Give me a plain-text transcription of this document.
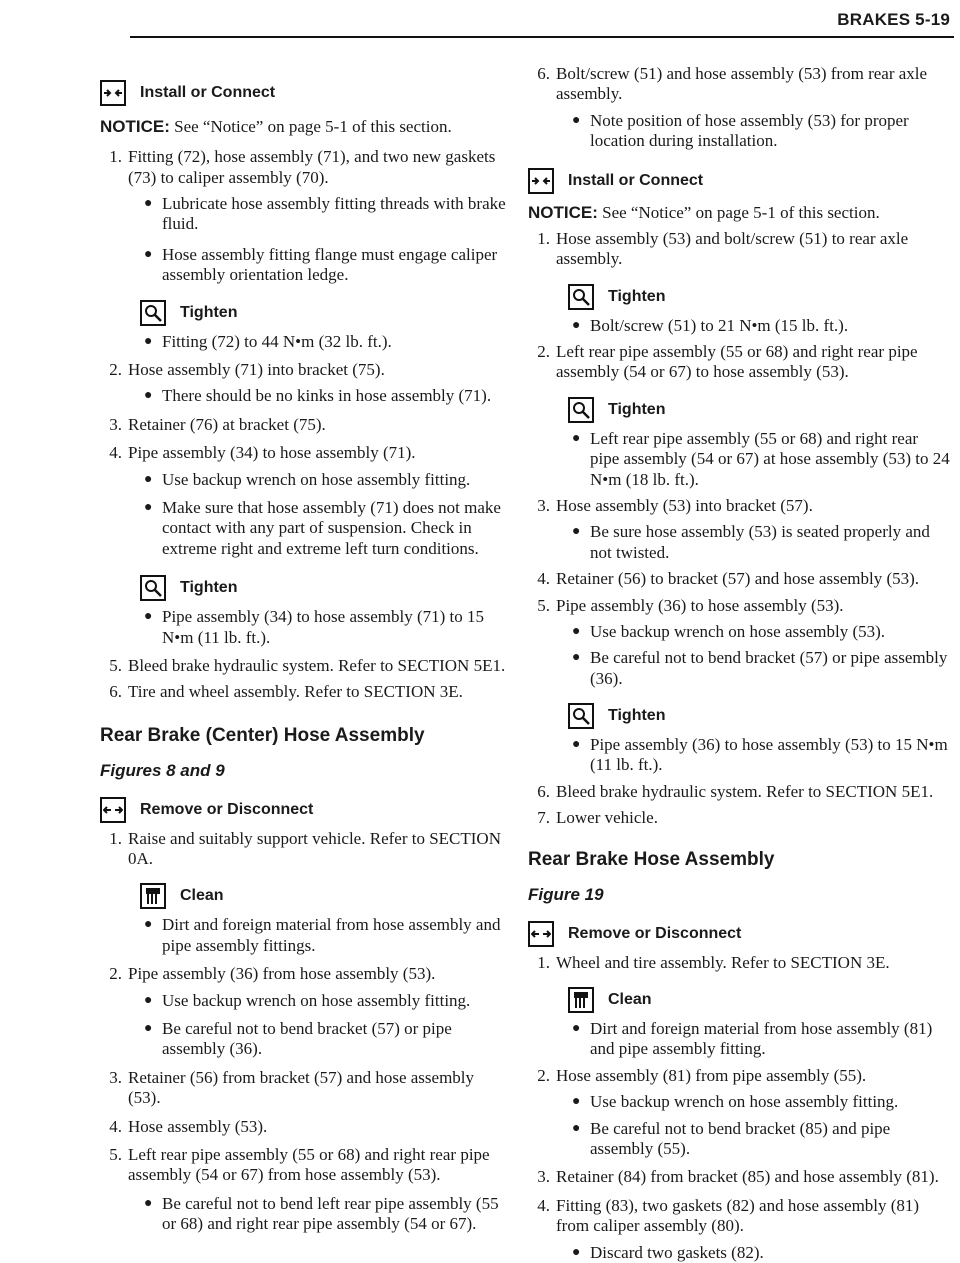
BRAKES 5-19
Install or Connect
NOTICE: See “Notice” on page 5-1 of this section.
1. Fitting (72), hose assembly (71), and two new gaskets (73) to caliper assembly (70).
● Lubricate hose assembly fitting threads with brake fluid.
● Hose assembly fitting flange must engage caliper assembly orientation ledge.
Tighten
● Fitting (72) to 44 N•m (32 lb. ft.).
2. Hose assembly (71) into bracket (75).
● There should be no kinks in hose assembly (71).
3. Retainer (76) at bracket (75).
4. Pipe assembly (34) to hose assembly (71).
● Use backup wrench on hose assembly fitting.
● Make sure that hose assembly (71) does not make contact with any part of suspension. Check in extreme right and extreme left turn conditions.
Tighten
● Pipe assembly (34) to hose assembly (71) to 15 N•m (11 lb. ft.).
5. Bleed brake hydraulic system. Refer to SECTION 5E1.
6. Tire and wheel assembly. Refer to SECTION 3E.
Rear Brake (Center) Hose Assembly
Figures 8 and 9
Remove or Disconnect
1. Raise and suitably support vehicle. Refer to SECTION 0A.
Clean
● Dirt and foreign material from hose assembly and pipe assembly fittings.
2. Pipe assembly (36) from hose assembly (53).
● Use backup wrench on hose assembly fitting.
● Be careful not to bend bracket (57) or pipe assembly (36).
3. Retainer (56) from bracket (57) and hose assembly (53).
4. Hose assembly (53).
5. Left rear pipe assembly (55 or 68) and right rear pipe assembly (54 or 67) from hose assembly (53).
● Be careful not to bend left rear pipe assembly (55 or 68) and right rear pipe assembly (54 or 67).
6. Bolt/screw (51) and hose assembly (53) from rear axle assembly.
● Note position of hose assembly (53) for proper location during installation.
Install or Connect
NOTICE: See “Notice” on page 5-1 of this section.
1. Hose assembly (53) and bolt/screw (51) to rear axle assembly.
Tighten
● Bolt/screw (51) to 21 N•m (15 lb. ft.).
2. Left rear pipe assembly (55 or 68) and right rear pipe assembly (54 or 67) to hose assembly (53).
Tighten
● Left rear pipe assembly (55 or 68) and right rear pipe assembly (54 or 67) at hose assembly (53) to 24 N•m (18 lb. ft.).
3. Hose assembly (53) into bracket (57).
● Be sure hose assembly (53) is seated properly and not twisted.
4. Retainer (56) to bracket (57) and hose assembly (53).
5. Pipe assembly (36) to hose assembly (53).
● Use backup wrench on hose assembly (53).
● Be careful not to bend bracket (57) or pipe assembly (36).
Tighten
● Pipe assembly (36) to hose assembly (53) to 15 N•m (11 lb. ft.).
6. Bleed brake hydraulic system. Refer to SECTION 5E1.
7. Lower vehicle.
Rear Brake Hose Assembly
Figure 19
Remove or Disconnect
1. Wheel and tire assembly. Refer to SECTION 3E.
Clean
● Dirt and foreign material from hose assembly (81) and pipe assembly fitting.
2. Hose assembly (81) from pipe assembly (55).
● Use backup wrench on hose assembly fitting.
● Be careful not to bend bracket (85) and pipe assembly (55).
3. Retainer (84) from bracket (85) and hose assembly (81).
4. Fitting (83), two gaskets (82) and hose assembly (81) from caliper assembly (80).
● Discard two gaskets (82).
